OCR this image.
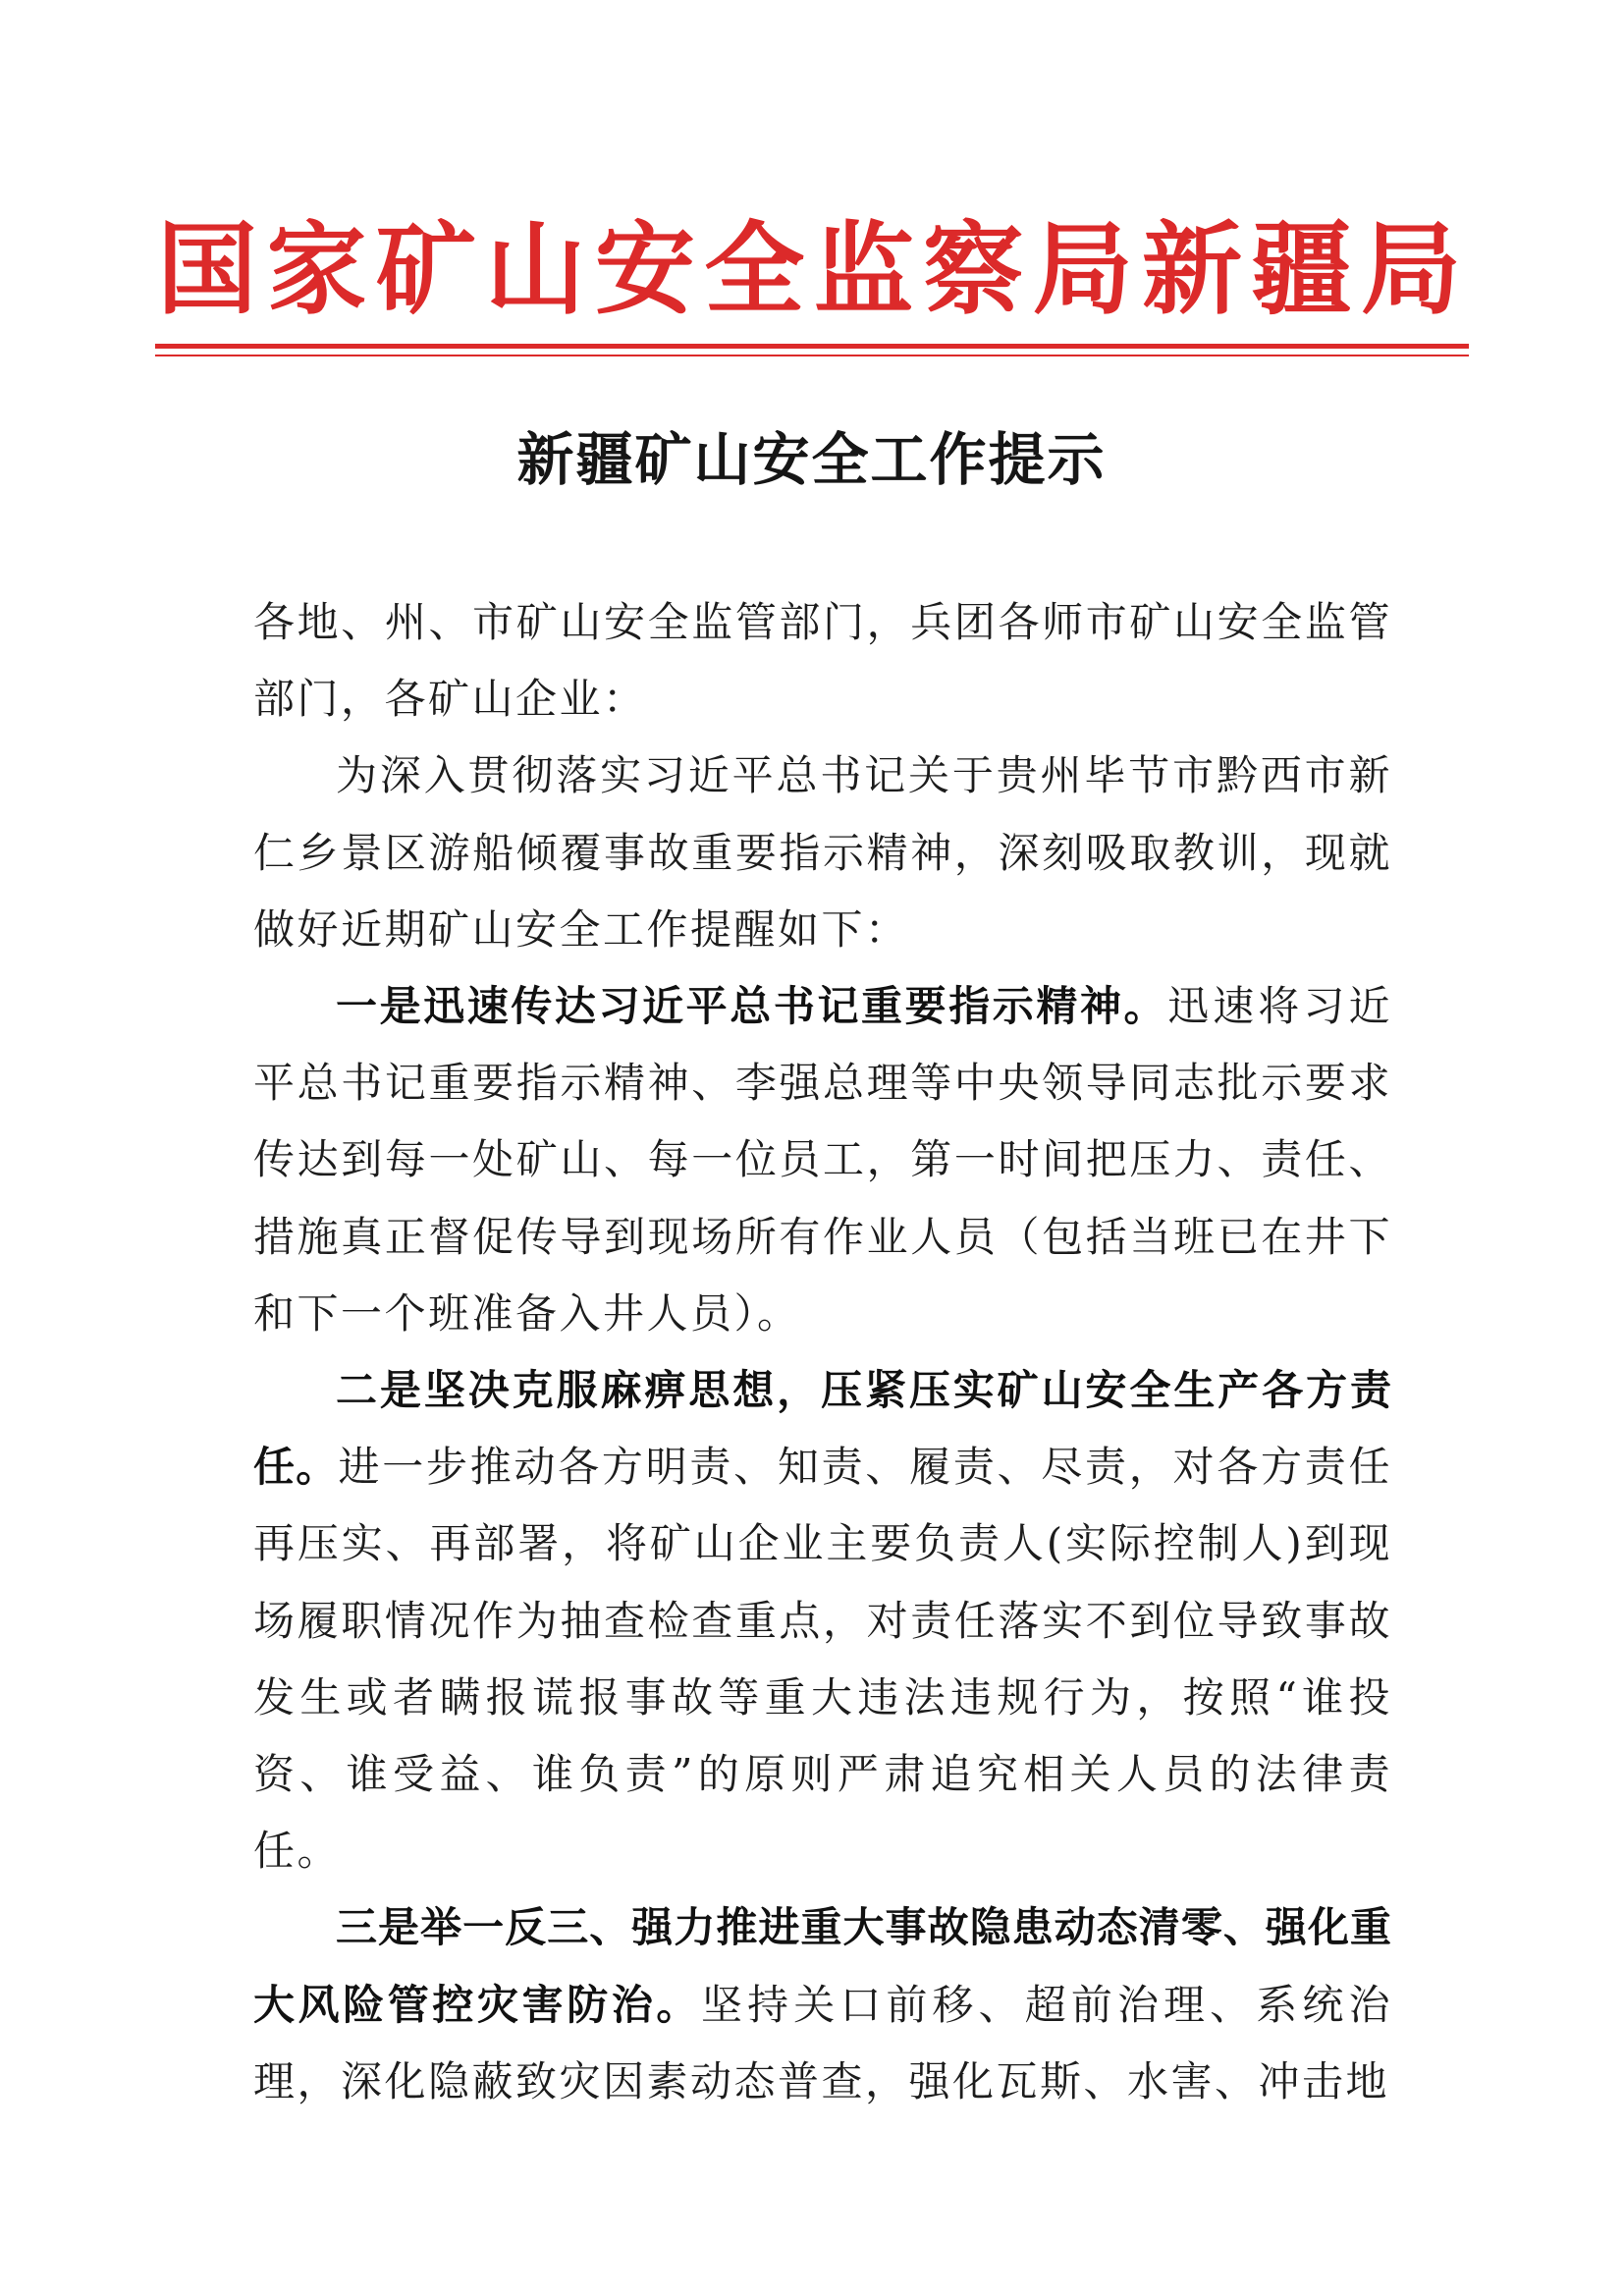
国家矿山安全监察局新疆局
新疆矿山安全工作提示

各地、州、市矿山安全监管部门，兵团各师市矿山安全监管部门，各矿山企业：

为深入贯彻落实习近平总书记关于贵州毕节市黔西市新仁乡景区游船倾覆事故重要指示精神，深刻吸取教训，现就做好近期矿山安全工作提醒如下：

一是迅速传达习近平总书记重要指示精神。迅速将习近平总书记重要指示精神、李强总理等中央领导同志批示要求传达到每一处矿山、每一位员工，第一时间把压力、责任、措施真正督促传导到现场所有作业人员（包括当班已在井下和下一个班准备入井人员）。

二是坚决克服麻痹思想，压紧压实矿山安全生产各方责任。进一步推动各方明责、知责、履责、尽责，对各方责任再压实、再部署，将矿山企业主要负责人(实际控制人)到现场履职情况作为抽查检查重点，对责任落实不到位导致事故发生或者瞒报谎报事故等重大违法违规行为，按照“谁投资、谁受益、谁负责”的原则严肃追究相关人员的法律责任。

三是举一反三、强力推进重大事故隐患动态清零、强化重大风险管控灾害防治。坚持关口前移、超前治理、系统治理，深化隐蔽致灾因素动态普查，强化瓦斯、水害、冲击地
